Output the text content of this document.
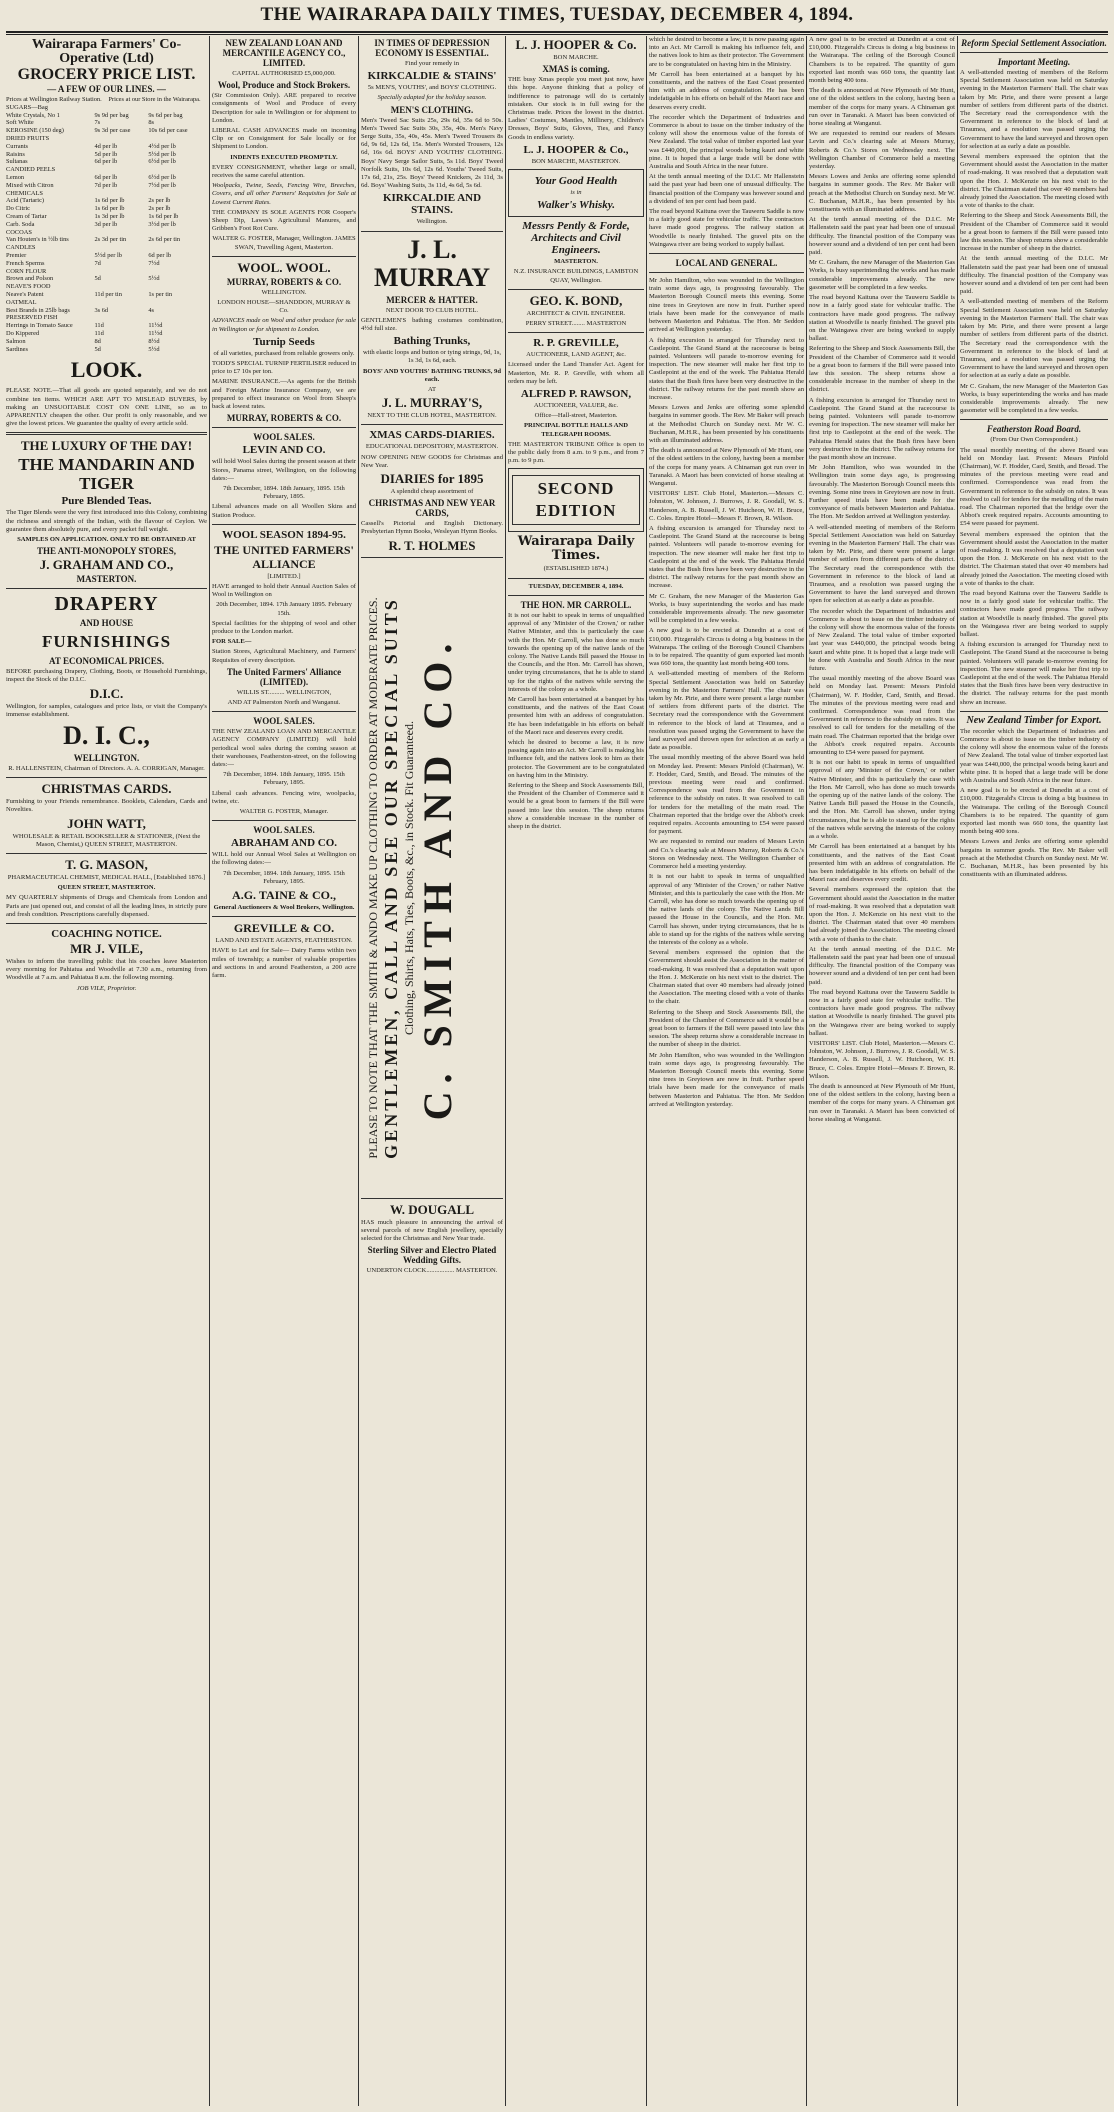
THE WAIRARAPA DAILY TIMES, TUESDAY, DECEMBER 4, 1894.
Wairarapa Farmers' Co-Operative (Ltd)
GROCERY PRICE LIST.
— A FEW OF OUR LINES. —
	Prices at Wellington Railway Station.	Prices at our Store in the Wairarapa.
SUGARS—Bag		
White Crystals, No 1	9s 9d per bag	9s 6d per bag
Soft White	7s	8s
KEROSINE (150 deg)	9s 3d per case	10s 6d per case
DRIED FRUITS		
Currants	4d per lb	4½d per lb
Raisins	5d per lb	5½d per lb
Sultanas	6d per lb	6½d per lb
CANDIED PEELS		
Lemon	6d per lb	6½d per lb
Mixed with Citron	7d per lb	7½d per lb
CHEMICALS		
Acid (Tartaric)	1s 6d per lb	2s per lb
Do Citric	1s 6d per lb	2s per lb
Cream of Tartar	1s 3d per lb	1s 6d per lb
Carb. Soda	3d per lb	3½d per lb
COCOAS		
Van Houten's in ½lb tins	2s 3d per tin	2s 6d per tin
CANDLES		
Premier	5½d per lb	6d per lb
French Sperms	7d	7½d
CORN FLOUR		
Brown and Polson	5d	5½d
NEAVE'S FOOD		
Neave's Patent	11d per tin	1s per tin
OATMEAL		
Best Brands in 25lb bags	3s 6d	4s
PRESERVED FISH		
Herrings in Tomato Sauce	11d	11½d
Do Kippered	11d	11½d
Salmon	8d	8½d
Sardines	5d	5½d
LOOK.

PLEASE NOTE.—That all goods are quoted separately, and we do not combine ten items. WHICH ARE APT TO MISLEAD BUYERS, by making an UNSUOITABLE COST ON ONE LINE, so as to APPARENTLY cheapen the other. Our profit is only reasonable, and we give the lowest prices. We guarantee the quality of every article sold.

THE LUXURY OF THE DAY!
THE MANDARIN AND TIGER
Pure Blended Teas.

The Tiger Blends were the very first introduced into this Colony, combining the richness and strength of the Indian, with the flavour of Ceylon. We guarantee them absolutely pure, and every packet full weight.

SAMPLES ON APPLICATION. ONLY TO BE OBTAINED AT

THE ANTI-MONOPOLY STORES,
J. GRAHAM AND CO.,
MASTERTON.
DRAPERY
AND HOUSE
FURNISHINGS
AT ECONOMICAL PRICES.

BEFORE purchasing Drapery, Clothing, Boots, or Household Furnishings, inspect the Stock of the D.I.C.

D.I.C.

Wellington, for samples, catalogues and price lists, or visit the Company's immense establishment.

D. I. C.,
WELLINGTON.

R. HALLENSTEIN, Chairman of Directors. A. A. CORRIGAN, Manager.

CHRISTMAS CARDS.

Furnishing to your Friends remembrance. Booklets, Calendars, Cards and Novelties.

JOHN WATT,

WHOLESALE & RETAIL BOOKSELLER & STATIONER, (Next the Mason, Chemist,) QUEEN STREET, MASTERTON.

T. G. MASON,

PHARMACEUTICAL CHEMIST, MEDICAL HALL, [Established 1876.]

QUEEN STREET, MASTERTON.

MY QUARTERLY shipments of Drugs and Chemicals from London and Paris are just opened out, and consist of all the leading lines, in strictly pure and fresh condition. Prescriptions carefully dispensed.

COACHING NOTICE.
MR J. VILE,

Wishes to inform the travelling public that his coaches leave Masterton every morning for Pahiatua and Woodville at 7.30 a.m., returning from Woodville at 7 a.m. and Pahiatua 8 a.m. the following morning.

JOB VILE, Proprietor.

NEW ZEALAND LOAN AND MERCANTILE AGENCY CO., LIMITED.

CAPITAL AUTHORISED £5,000,000.

Wool, Produce and Stock Brokers.

(Sir Commission Only). ARE prepared to receive consignments of Wool and Produce of every Description for sale in Wellington or for shipment to London.

LIBERAL CASH ADVANCES made on incoming Clip or on Consignment for Sale locally or for Shipment to London.

INDENTS EXECUTED PROMPTLY.

EVERY CONSIGNMENT, whether large or small, receives the same careful attention.

Woolpacks, Twine, Seeds, Fencing Wire, Breeches, Covers, and all other Farmers' Requisites for Sale at Lowest Current Rates.

THE COMPANY IS SOLE AGENTS FOR Cooper's Sheep Dip, Lawes's Agricultural Manures, and Gribben's Foot Rot Cure.

WALTER G. FOSTER, Manager, Wellington. JAMES SWAN, Travelling Agent, Masterton.

WOOL. WOOL.
MURRAY, ROBERTS & CO.

WELLINGTON.

LONDON HOUSE—SHANDDON, MURRAY & Co.

ADVANCES made on Wool and other produce for sale in Wellington or for shipment to London.

Turnip Seeds

of all varieties, purchased from reliable growers only.

TODD'S SPECIAL TURNIP FERTILISER reduced in price to £7 10s per ton.

MARINE INSURANCE.—As agents for the British and Foreign Marine Insurance Company, we are prepared to effect insurance on Wool from Sheep's back at lowest rates.

MURRAY, ROBERTS & CO.
WOOL SALES.
LEVIN AND CO.

will hold Wool Sales during the present season at their Stores, Panama street, Wellington, on the following dates:—

7th December, 1894. 18th January, 1895. 15th February, 1895.

Liberal advances made on all Woollen Skins and Station Produce.

WOOL SEASON 1894-95.
THE UNITED FARMERS' ALLIANCE

[LIMITED.]

HAVE arranged to hold their Annual Auction Sales of Wool in Wellington on

20th December, 1894. 17th January 1895. February 15th.

Special facilities for the shipping of wool and other produce to the London market.

FOR SALE—

Station Stores, Agricultural Machinery, and Farmers' Requisites of every description.

The United Farmers' Alliance (LIMITED).

WILLIS ST.......... WELLINGTON,

AND AT Palmerston North and Wanganui.

WOOL SALES.

THE NEW ZEALAND LOAN AND MERCANTILE AGENCY COMPANY (LIMITED) will hold periodical wool sales during the coming season at their warehouses, Featherston-street, on the following dates:—

7th December, 1894. 18th January, 1895. 15th February, 1895.

Liberal cash advances. Fencing wire, woolpacks, twine, etc.

WALTER G. FOSTER, Manager.

WOOL SALES.
ABRAHAM AND CO.

WILL hold our Annual Wool Sales at Wellington on the following dates:—

7th December, 1894. 18th January, 1895. 15th February, 1895.

A.G. TAINE & CO.,

General Auctioneers & Wool Brokers, Wellington.

GREVILLE & CO.

LAND AND ESTATE AGENTS, FEATHERSTON.

HAVE to Let and for Sale— Dairy Farms within two miles of township; a number of valuable properties and sections in and around Featherston, a 200 acre farm.

IN TIMES OF DEPRESSION ECONOMY IS ESSENTIAL.

Find your remedy in

KIRKCALDIE & STAINS'

5s MEN'S, YOUTHS', and BOYS' CLOTHING.

Specially adapted for the holiday season.

MEN'S CLOTHING.

Men's Tweed Sac Suits 25s, 29s 6d, 35s 6d to 50s. Men's Tweed Sac Suits 30s, 35s, 40s. Men's Navy Serge Suits, 35s, 40s, 45s. Men's Tweed Trousers 8s 6d, 9s 6d, 12s 6d, 15s. Men's Worsted Trousers, 12s 6d, 16s 6d. BOYS' AND YOUTHS' CLOTHING. Boys' Navy Serge Sailor Suits, 5s 11d. Boys' Tweed Norfolk Suits, 10s 6d, 12s 6d. Youths' Tweed Suits, 17s 6d, 21s, 25s. Boys' Tweed Knickers, 2s 11d, 3s 6d. Boys' Washing Suits, 3s 11d, 4s 6d, 5s 6d.

KIRKCALDIE AND STAINS.

Wellington.

J. L. MURRAY
MERCER & HATTER.

NEXT DOOR TO CLUB HOTEL.

GENTLEMEN'S bathing costumes combination, 4½d full size.

Bathing Trunks,

with elastic loops and button or tying strings, 9d, 1s, 1s 3d, 1s 6d, each.

BOYS' AND YOUTHS' BATHING TRUNKS, 9d each.

AT

J. L. MURRAY'S,

NEXT TO THE CLUB HOTEL, MASTERTON.

XMAS CARDS-DIARIES.

EDUCATIONAL DEPOSITORY, MASTERTON.

NOW OPENING NEW GOODS for Christmas and New Year.

DIARIES for 1895

A splendid cheap assortment of

CHRISTMAS AND NEW YEAR CARDS,

Cassell's Pictorial and English Dictionary. Presbyterian Hymn Books, Wesleyan Hymn Books.

R. T. HOLMES
PLEASE TO NOTE THAT THE SMITH & ANDO MAKE UP CLOTHING TO ORDER AT MODERATE PRICES. GENTLEMEN, CALL AND SEE OUR SPECIAL SUITS Clothing, Shirts, Hats, Ties, Boots, &c., in Stock. Fit Guaranteed. C. SMITH AND CO.
W. DOUGALL

HAS much pleasure in announcing the arrival of several parcels of new English jewellery, specially selected for the Christmas and New Year trade.

Sterling Silver and Electro Plated Wedding Gifts.

UNDERTON CLOCK................. MASTERTON.

L. J. HOOPER & Co.

BON MARCHE.

XMAS is coming.

THE busy Xmas people you meet just now, have this hope. Anyone thinking that a policy of indifference to patronage will do is certainly mistaken. Our stock is in full swing for the Christmas trade. Prices the lowest in the district. Ladies' Costumes, Mantles, Millinery, Children's Dresses, Boys' Suits, Gloves, Ties, and Fancy Goods in endless variety.

L. J. HOOPER & Co.,

BON MARCHE, MASTERTON.

Your Good Health

is in

Walker's Whisky.
Messrs Pently & Forde, Architects and Civil Engineers.

MASTERTON.

N.Z. INSURANCE BUILDINGS, LAMBTON QUAY, Wellington.

GEO. K. BOND,

ARCHITECT & CIVIL ENGINEER.

PERRY STREET........ MASTERTON

R. P. GREVILLE,

AUCTIONEER, LAND AGENT, &c.

Licensed under the Land Transfer Act. Agent for Masterton, Mr. R. P. Greville, with whom all orders may be left.

ALFRED P. RAWSON,

AUCTIONEER, VALUER, &c.

Office—Hall-street, Masterton.

PRINCIPAL BOTTLE HALLS AND TELEGRAPH ROOMS.

THE MASTERTON TRIBUNE Office is open to the public daily from 8 a.m. to 9 p.m., and from 7 p.m. to 9 p.m.

SECOND EDITION
Wairarapa Daily Times.

(ESTABLISHED 1874.)

TUESDAY, DECEMBER 4, 1894.

THE HON. MR CARROLL.

It is not our habit to speak in terms of unqualified approval of any 'Minister of the Crown,' or rather Native Minister, and this is particularly the case with the Hon. Mr Carroll, who has done so much towards the opening up of the native lands of the colony. The Native Lands Bill passed the House in the Councils, and the Hon. Mr. Carroll has shown, under trying circumstances, that he is able to stand up for the rights of the natives while serving the interests of the colony as a whole.

Mr Carroll has been entertained at a banquet by his constituents, and the natives of the East Coast presented him with an address of congratulation. He has been indefatigable in his efforts on behalf of the Maori race and deserves every credit.

which he desired to become a law, it is now passing again into an Act. Mr Carroll is making his influence felt, and the natives look to him as their protector. The Government are to be congratulated on having him in the Ministry.

Referring to the Sheep and Stock Assessments Bill, the President of the Chamber of Commerce said it would be a great boon to farmers if the Bill were passed into law this session. The sheep returns show a considerable increase in the number of sheep in the district.

which he desired to become a law, it is now passing again into an Act. Mr Carroll is making his influence felt, and the natives look to him as their protector. The Government are to be congratulated on having him in the Ministry.

Mr Carroll has been entertained at a banquet by his constituents, and the natives of the East Coast presented him with an address of congratulation. He has been indefatigable in his efforts on behalf of the Maori race and deserves every credit.

The recorder which the Department of Industries and Commerce is about to issue on the timber industry of the colony will show the enormous value of the forests of New Zealand. The total value of timber exported last year was £440,000, the principal woods being kauri and white pine. It is hoped that a large trade will be done with Australia and South Africa in the near future.

At the tenth annual meeting of the D.I.C. Mr Hallenstein said the past year had been one of unusual difficulty. The financial position of the Company was however sound and a dividend of ten per cent had been paid.

The road beyond Kaituna over the Tauweru Saddle is now in a fairly good state for vehicular traffic. The contractors have made good progress. The railway station at Woodville is nearly finished. The gravel pits on the Waingawa river are being worked to supply ballast.

LOCAL AND GENERAL.

Mr John Hamilton, who was wounded in the Wellington train some days ago, is progressing favourably. The Masterton Borough Council meets this evening. Some nine trees in Greytown are now in fruit. Further speed trials have been made for the conveyance of mails between Masterton and Pahiatua. The Hon. Mr Seddon arrived at Wellington yesterday.

A fishing excursion is arranged for Thursday next to Castlepoint. The Grand Stand at the racecourse is being painted. Volunteers will parade to-morrow evening for inspection. The new steamer will make her first trip to Castlepoint at the end of the week. The Pahiatua Herald states that the Bush fires have been very destructive in the district. The railway returns for the past month show an increase.

Messrs Lowes and Jenks are offering some splendid bargains in summer goods. The Rev. Mr Baker will preach at the Methodist Church on Sunday next. Mr W. C. Buchanan, M.H.R., has been presented by his constituents with an illuminated address.

The death is announced at New Plymouth of Mr Hunt, one of the oldest settlers in the colony, having been a member of the corps for many years. A Chinaman got run over in Taranaki. A Maori has been convicted of horse stealing at Wanganui.

VISITORS' LIST. Club Hotel, Masterton.—Messrs C. Johnston, W. Johnson, J. Burrows, J. R. Goodall, W. S. Handerson, A. B. Russell, J. W. Hutcheon, W. H. Bruce, C. Coles. Empire Hotel—Messrs F. Brown, R. Wilson.

A fishing excursion is arranged for Thursday next to Castlepoint. The Grand Stand at the racecourse is being painted. Volunteers will parade to-morrow evening for inspection. The new steamer will make her first trip to Castlepoint at the end of the week. The Pahiatua Herald states that the Bush fires have been very destructive in the district. The railway returns for the past month show an increase.

Mr C. Graham, the new Manager of the Masterton Gas Works, is busy superintending the works and has made considerable improvements already. The new gasometer will be completed in a few weeks.

A new goal is to be erected at Dunedin at a cost of £10,000. Fitzgerald's Circus is doing a big business in the Wairarapa. The ceiling of the Borough Council Chambers is to be repaired. The quantity of gum exported last month was 660 tons, the quantity last month being 400 tons.

A well-attended meeting of members of the Reform Special Settlement Association was held on Saturday evening in the Masterton Farmers' Hall. The chair was taken by Mr. Pirie, and there were present a large number of settlers from different parts of the district. The Secretary read the correspondence with the Government in reference to the block of land at Tiraumea, and a resolution was passed urging the Government to have the land surveyed and thrown open for selection at as early a date as possible.

The usual monthly meeting of the above Board was held on Monday last. Present: Messrs Pinfold (Chairman), W. F. Hodder, Card, Smith, and Broad. The minutes of the previous meeting were read and confirmed. Correspondence was read from the Government in reference to the subsidy on rates. It was resolved to call for tenders for the metalling of the main road. The Chairman reported that the bridge over the Abbot's creek required repairs. Accounts amounting to £54 were passed for payment.

We are requested to remind our readers of Messrs Levin and Co.'s clearing sale at Messrs Murray, Roberts & Co.'s Stores on Wednesday next. The Wellington Chamber of Commerce held a meeting yesterday.

It is not our habit to speak in terms of unqualified approval of any 'Minister of the Crown,' or rather Native Minister, and this is particularly the case with the Hon. Mr Carroll, who has done so much towards the opening up of the native lands of the colony. The Native Lands Bill passed the House in the Councils, and the Hon. Mr. Carroll has shown, under trying circumstances, that he is able to stand up for the rights of the natives while serving the interests of the colony as a whole.

Several members expressed the opinion that the Government should assist the Association in the matter of road-making. It was resolved that a deputation wait upon the Hon. J. McKenzie on his next visit to the district. The Chairman stated that over 40 members had already joined the Association. The meeting closed with a vote of thanks to the chair.

Referring to the Sheep and Stock Assessments Bill, the President of the Chamber of Commerce said it would be a great boon to farmers if the Bill were passed into law this session. The sheep returns show a considerable increase in the number of sheep in the district.

Mr John Hamilton, who was wounded in the Wellington train some days ago, is progressing favourably. The Masterton Borough Council meets this evening. Some nine trees in Greytown are now in fruit. Further speed trials have been made for the conveyance of mails between Masterton and Pahiatua. The Hon. Mr Seddon arrived at Wellington yesterday.

A new goal is to be erected at Dunedin at a cost of £10,000. Fitzgerald's Circus is doing a big business in the Wairarapa. The ceiling of the Borough Council Chambers is to be repaired. The quantity of gum exported last month was 660 tons, the quantity last month being 400 tons.

The death is announced at New Plymouth of Mr Hunt, one of the oldest settlers in the colony, having been a member of the corps for many years. A Chinaman got run over in Taranaki. A Maori has been convicted of horse stealing at Wanganui.

We are requested to remind our readers of Messrs Levin and Co.'s clearing sale at Messrs Murray, Roberts & Co.'s Stores on Wednesday next. The Wellington Chamber of Commerce held a meeting yesterday.

Messrs Lowes and Jenks are offering some splendid bargains in summer goods. The Rev. Mr Baker will preach at the Methodist Church on Sunday next. Mr W. C. Buchanan, M.H.R., has been presented by his constituents with an illuminated address.

At the tenth annual meeting of the D.I.C. Mr Hallenstein said the past year had been one of unusual difficulty. The financial position of the Company was however sound and a dividend of ten per cent had been paid.

Mr C. Graham, the new Manager of the Masterton Gas Works, is busy superintending the works and has made considerable improvements already. The new gasometer will be completed in a few weeks.

The road beyond Kaituna over the Tauweru Saddle is now in a fairly good state for vehicular traffic. The contractors have made good progress. The railway station at Woodville is nearly finished. The gravel pits on the Waingawa river are being worked to supply ballast.

Referring to the Sheep and Stock Assessments Bill, the President of the Chamber of Commerce said it would be a great boon to farmers if the Bill were passed into law this session. The sheep returns show a considerable increase in the number of sheep in the district.

A fishing excursion is arranged for Thursday next to Castlepoint. The Grand Stand at the racecourse is being painted. Volunteers will parade to-morrow evening for inspection. The new steamer will make her first trip to Castlepoint at the end of the week. The Pahiatua Herald states that the Bush fires have been very destructive in the district. The railway returns for the past month show an increase.

Mr John Hamilton, who was wounded in the Wellington train some days ago, is progressing favourably. The Masterton Borough Council meets this evening. Some nine trees in Greytown are now in fruit. Further speed trials have been made for the conveyance of mails between Masterton and Pahiatua. The Hon. Mr Seddon arrived at Wellington yesterday.

A well-attended meeting of members of the Reform Special Settlement Association was held on Saturday evening in the Masterton Farmers' Hall. The chair was taken by Mr. Pirie, and there were present a large number of settlers from different parts of the district. The Secretary read the correspondence with the Government in reference to the block of land at Tiraumea, and a resolution was passed urging the Government to have the land surveyed and thrown open for selection at as early a date as possible.

The recorder which the Department of Industries and Commerce is about to issue on the timber industry of the colony will show the enormous value of the forests of New Zealand. The total value of timber exported last year was £440,000, the principal woods being kauri and white pine. It is hoped that a large trade will be done with Australia and South Africa in the near future.

The usual monthly meeting of the above Board was held on Monday last. Present: Messrs Pinfold (Chairman), W. F. Hodder, Card, Smith, and Broad. The minutes of the previous meeting were read and confirmed. Correspondence was read from the Government in reference to the subsidy on rates. It was resolved to call for tenders for the metalling of the main road. The Chairman reported that the bridge over the Abbot's creek required repairs. Accounts amounting to £54 were passed for payment.

It is not our habit to speak in terms of unqualified approval of any 'Minister of the Crown,' or rather Native Minister, and this is particularly the case with the Hon. Mr Carroll, who has done so much towards the opening up of the native lands of the colony. The Native Lands Bill passed the House in the Councils, and the Hon. Mr. Carroll has shown, under trying circumstances, that he is able to stand up for the rights of the natives while serving the interests of the colony as a whole.

Mr Carroll has been entertained at a banquet by his constituents, and the natives of the East Coast presented him with an address of congratulation. He has been indefatigable in his efforts on behalf of the Maori race and deserves every credit.

Several members expressed the opinion that the Government should assist the Association in the matter of road-making. It was resolved that a deputation wait upon the Hon. J. McKenzie on his next visit to the district. The Chairman stated that over 40 members had already joined the Association. The meeting closed with a vote of thanks to the chair.

At the tenth annual meeting of the D.I.C. Mr Hallenstein said the past year had been one of unusual difficulty. The financial position of the Company was however sound and a dividend of ten per cent had been paid.

The road beyond Kaituna over the Tauweru Saddle is now in a fairly good state for vehicular traffic. The contractors have made good progress. The railway station at Woodville is nearly finished. The gravel pits on the Waingawa river are being worked to supply ballast.

VISITORS' LIST. Club Hotel, Masterton.—Messrs C. Johnston, W. Johnson, J. Burrows, J. R. Goodall, W. S. Handerson, A. B. Russell, J. W. Hutcheon, W. H. Bruce, C. Coles. Empire Hotel—Messrs F. Brown, R. Wilson.

The death is announced at New Plymouth of Mr Hunt, one of the oldest settlers in the colony, having been a member of the corps for many years. A Chinaman got run over in Taranaki. A Maori has been convicted of horse stealing at Wanganui.

Reform Special Settlement Association.
Important Meeting.

A well-attended meeting of members of the Reform Special Settlement Association was held on Saturday evening in the Masterton Farmers' Hall. The chair was taken by Mr. Pirie, and there were present a large number of settlers from different parts of the district. The Secretary read the correspondence with the Government in reference to the block of land at Tiraumea, and a resolution was passed urging the Government to have the land surveyed and thrown open for selection at as early a date as possible.

Several members expressed the opinion that the Government should assist the Association in the matter of road-making. It was resolved that a deputation wait upon the Hon. J. McKenzie on his next visit to the district. The Chairman stated that over 40 members had already joined the Association. The meeting closed with a vote of thanks to the chair.

Referring to the Sheep and Stock Assessments Bill, the President of the Chamber of Commerce said it would be a great boon to farmers if the Bill were passed into law this session. The sheep returns show a considerable increase in the number of sheep in the district.

At the tenth annual meeting of the D.I.C. Mr Hallenstein said the past year had been one of unusual difficulty. The financial position of the Company was however sound and a dividend of ten per cent had been paid.

A well-attended meeting of members of the Reform Special Settlement Association was held on Saturday evening in the Masterton Farmers' Hall. The chair was taken by Mr. Pirie, and there were present a large number of settlers from different parts of the district. The Secretary read the correspondence with the Government in reference to the block of land at Tiraumea, and a resolution was passed urging the Government to have the land surveyed and thrown open for selection at as early a date as possible.

Mr C. Graham, the new Manager of the Masterton Gas Works, is busy superintending the works and has made considerable improvements already. The new gasometer will be completed in a few weeks.

Featherston Road Board.

(From Our Own Correspondent.)

The usual monthly meeting of the above Board was held on Monday last. Present: Messrs Pinfold (Chairman), W. F. Hodder, Card, Smith, and Broad. The minutes of the previous meeting were read and confirmed. Correspondence was read from the Government in reference to the subsidy on rates. It was resolved to call for tenders for the metalling of the main road. The Chairman reported that the bridge over the Abbot's creek required repairs. Accounts amounting to £54 were passed for payment.

Several members expressed the opinion that the Government should assist the Association in the matter of road-making. It was resolved that a deputation wait upon the Hon. J. McKenzie on his next visit to the district. The Chairman stated that over 40 members had already joined the Association. The meeting closed with a vote of thanks to the chair.

The road beyond Kaituna over the Tauweru Saddle is now in a fairly good state for vehicular traffic. The contractors have made good progress. The railway station at Woodville is nearly finished. The gravel pits on the Waingawa river are being worked to supply ballast.

A fishing excursion is arranged for Thursday next to Castlepoint. The Grand Stand at the racecourse is being painted. Volunteers will parade to-morrow evening for inspection. The new steamer will make her first trip to Castlepoint at the end of the week. The Pahiatua Herald states that the Bush fires have been very destructive in the district. The railway returns for the past month show an increase.

New Zealand Timber for Export.

The recorder which the Department of Industries and Commerce is about to issue on the timber industry of the colony will show the enormous value of the forests of New Zealand. The total value of timber exported last year was £440,000, the principal woods being kauri and white pine. It is hoped that a large trade will be done with Australia and South Africa in the near future.

A new goal is to be erected at Dunedin at a cost of £10,000. Fitzgerald's Circus is doing a big business in the Wairarapa. The ceiling of the Borough Council Chambers is to be repaired. The quantity of gum exported last month was 660 tons, the quantity last month being 400 tons.

Messrs Lowes and Jenks are offering some splendid bargains in summer goods. The Rev. Mr Baker will preach at the Methodist Church on Sunday next. Mr W. C. Buchanan, M.H.R., has been presented by his constituents with an illuminated address.
